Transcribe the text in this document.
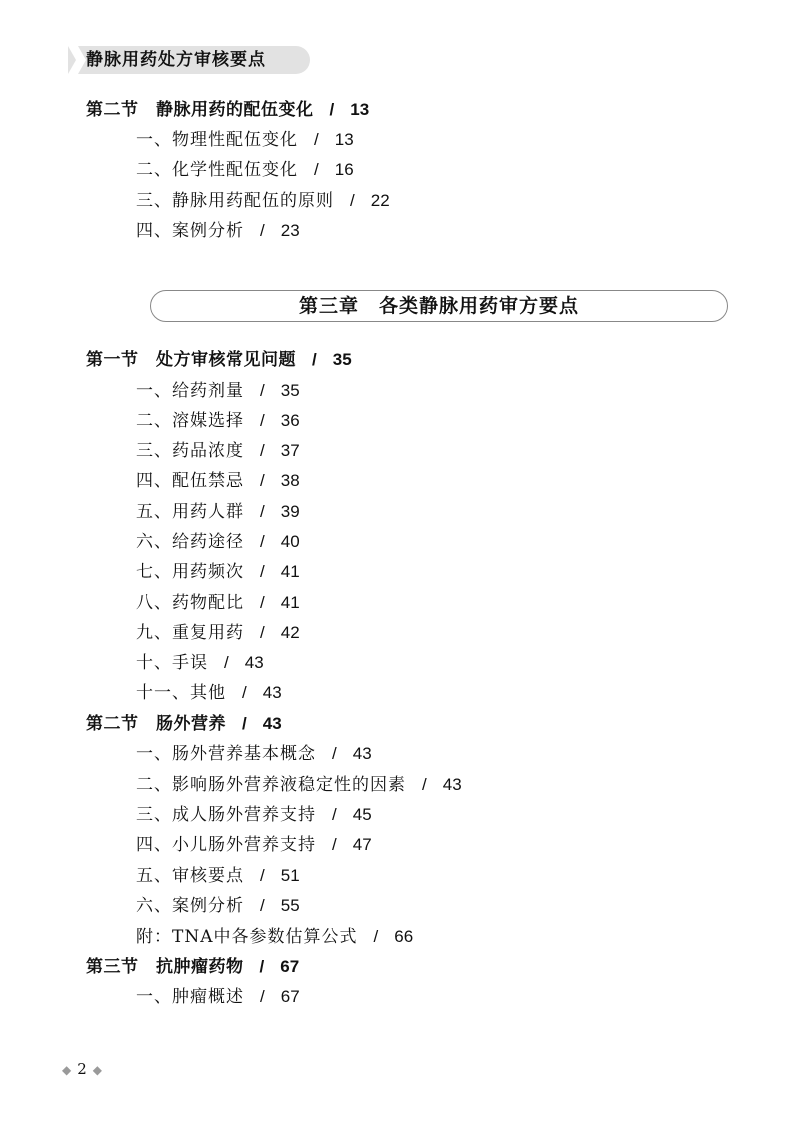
静脉用药处方审核要点
第二节　静脉用药的配伍变化 / 13
一、物理性配伍变化 / 13
二、化学性配伍变化 / 16
三、静脉用药配伍的原则 / 22
四、案例分析 / 23
第三章 各类静脉用药审方要点
第一节　处方审核常见问题 / 35
一、给药剂量 / 35
二、溶媒选择 / 36
三、药品浓度 / 37
四、配伍禁忌 / 38
五、用药人群 / 39
六、给药途径 / 40
七、用药频次 / 41
八、药物配比 / 41
九、重复用药 / 42
十、手误 / 43
十一、其他 / 43
第二节　肠外营养 / 43
一、肠外营养基本概念 / 43
二、影响肠外营养液稳定性的因素 / 43
三、成人肠外营养支持 / 45
四、小儿肠外营养支持 / 47
五、审核要点 / 51
六、案例分析 / 55
附：TNA中各参数估算公式 / 66
第三节　抗肿瘤药物 / 67
一、肿瘤概述 / 67
◆ 2 ◆
